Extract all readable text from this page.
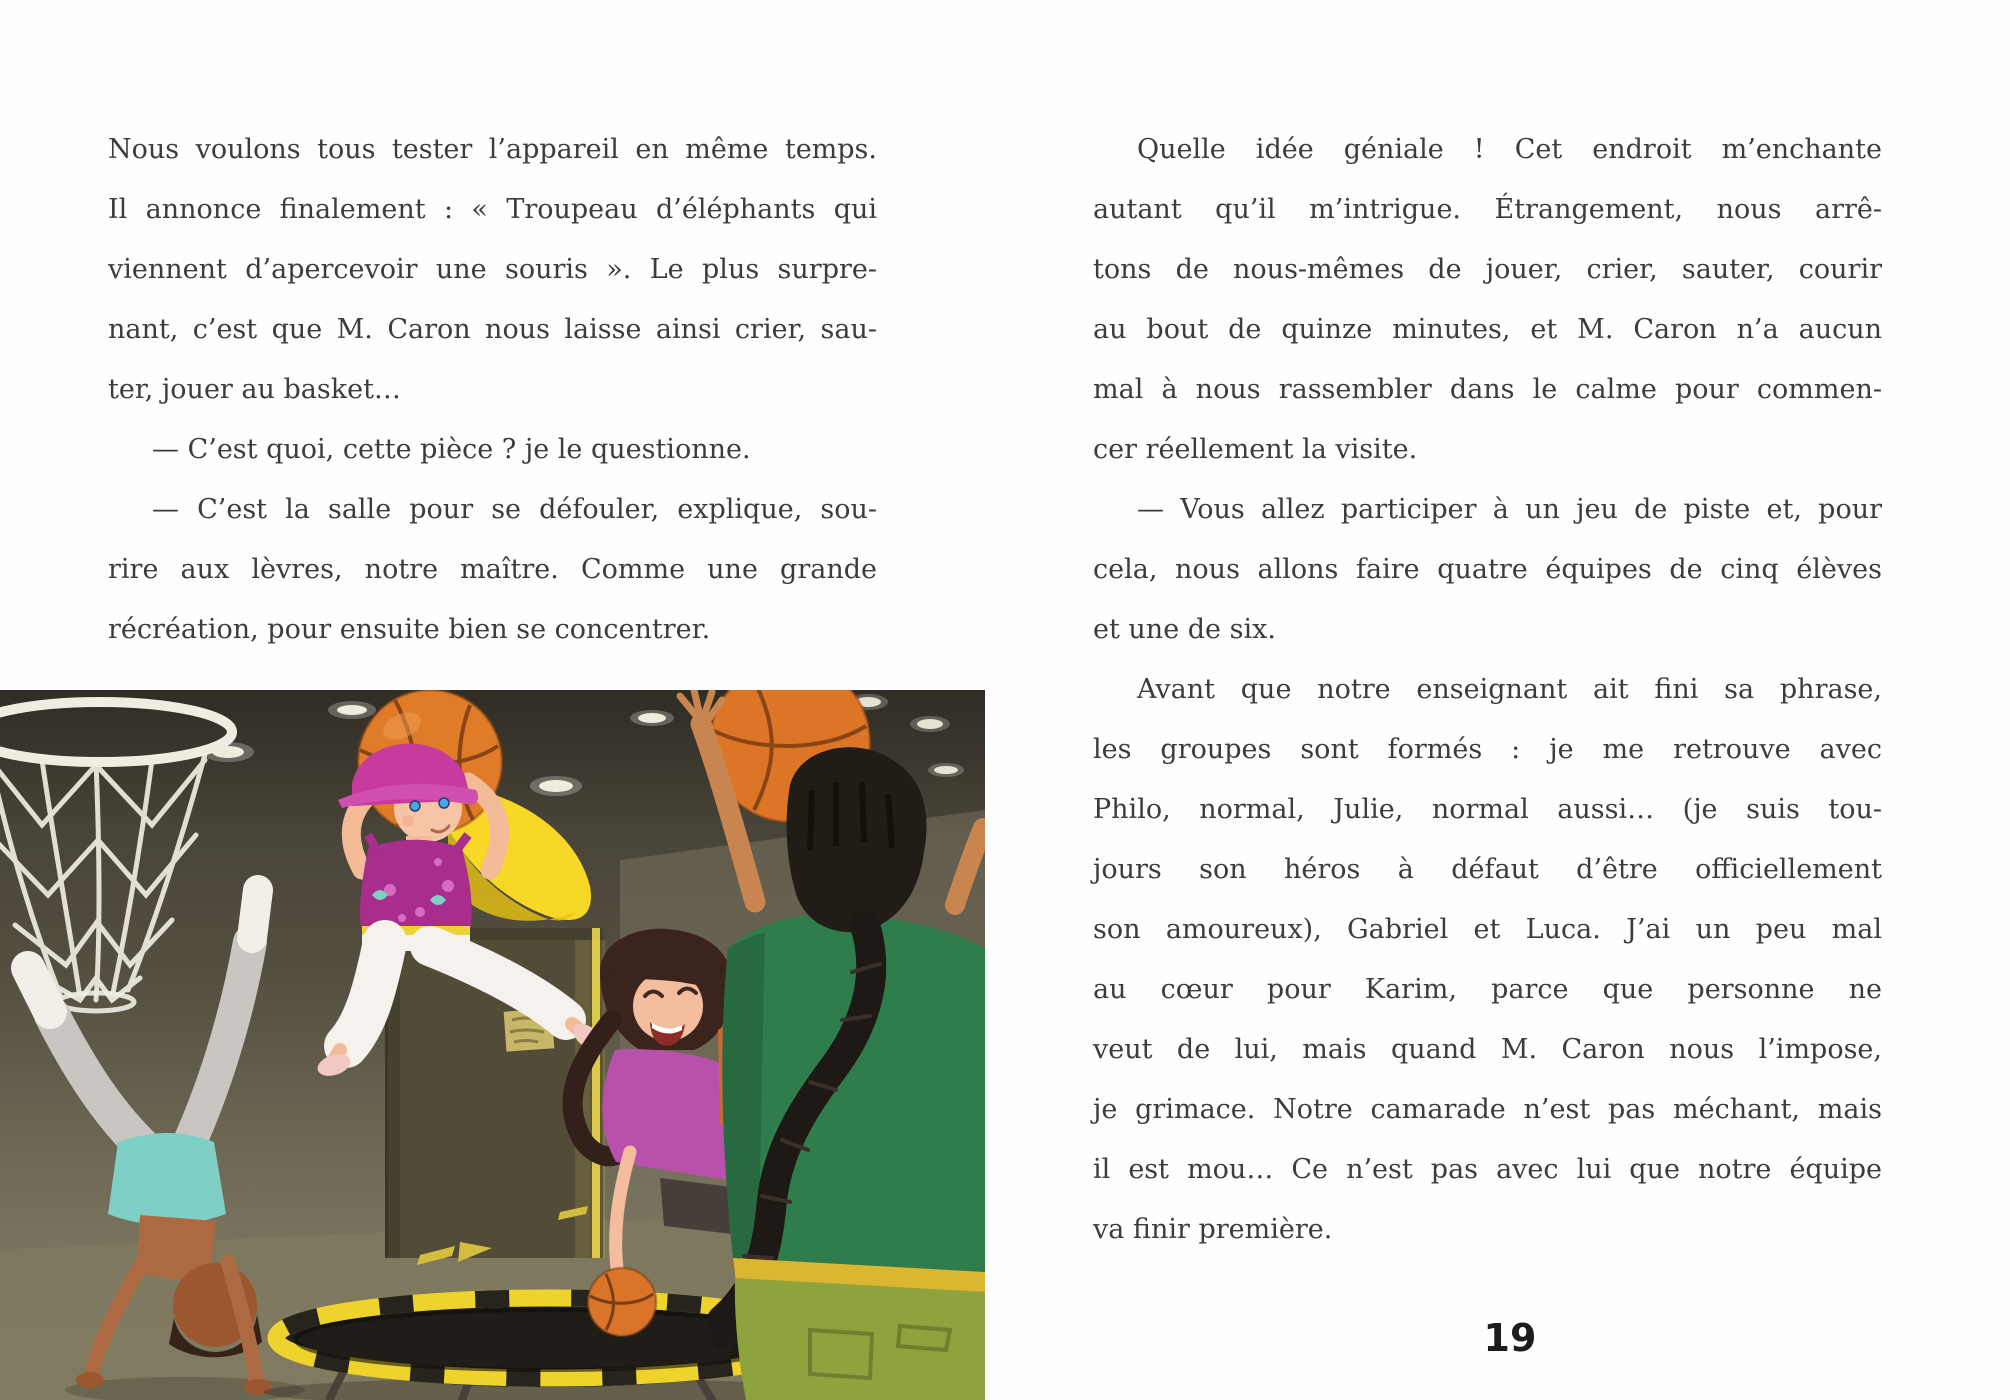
Nous voulons tous tester l’appareil en même temps.
Il annonce finalement : « Troupeau d’éléphants qui
viennent d’apercevoir une souris ». Le plus surpre-
nant, c’est que M. Caron nous laisse ainsi crier, sau-
ter, jouer au basket…
— C’est quoi, cette pièce ? je le questionne.
— C’est la salle pour se défouler, explique, sou-
rire aux lèvres, notre maître. Comme une grande
récréation, pour ensuite bien se concentrer.
Quelle idée géniale ! Cet endroit m’enchante
autant qu’il m’intrigue. Étrangement, nous arrê-
tons de nous-mêmes de jouer, crier, sauter, courir
au bout de quinze minutes, et M. Caron n’a aucun
mal à nous rassembler dans le calme pour commen-
cer réellement la visite.
— Vous allez participer à un jeu de piste et, pour
cela, nous allons faire quatre équipes de cinq élèves
et une de six.
Avant que notre enseignant ait fini sa phrase,
les groupes sont formés : je me retrouve avec
Philo, normal, Julie, normal aussi… (je suis tou-
jours son héros à défaut d’être officiellement
son amoureux), Gabriel et Luca. J’ai un peu mal
au cœur pour Karim, parce que personne ne
veut de lui, mais quand M. Caron nous l’impose,
je grimace. Notre camarade n’est pas méchant, mais
il est mou… Ce n’est pas avec lui que notre équipe
va finir première.
19
